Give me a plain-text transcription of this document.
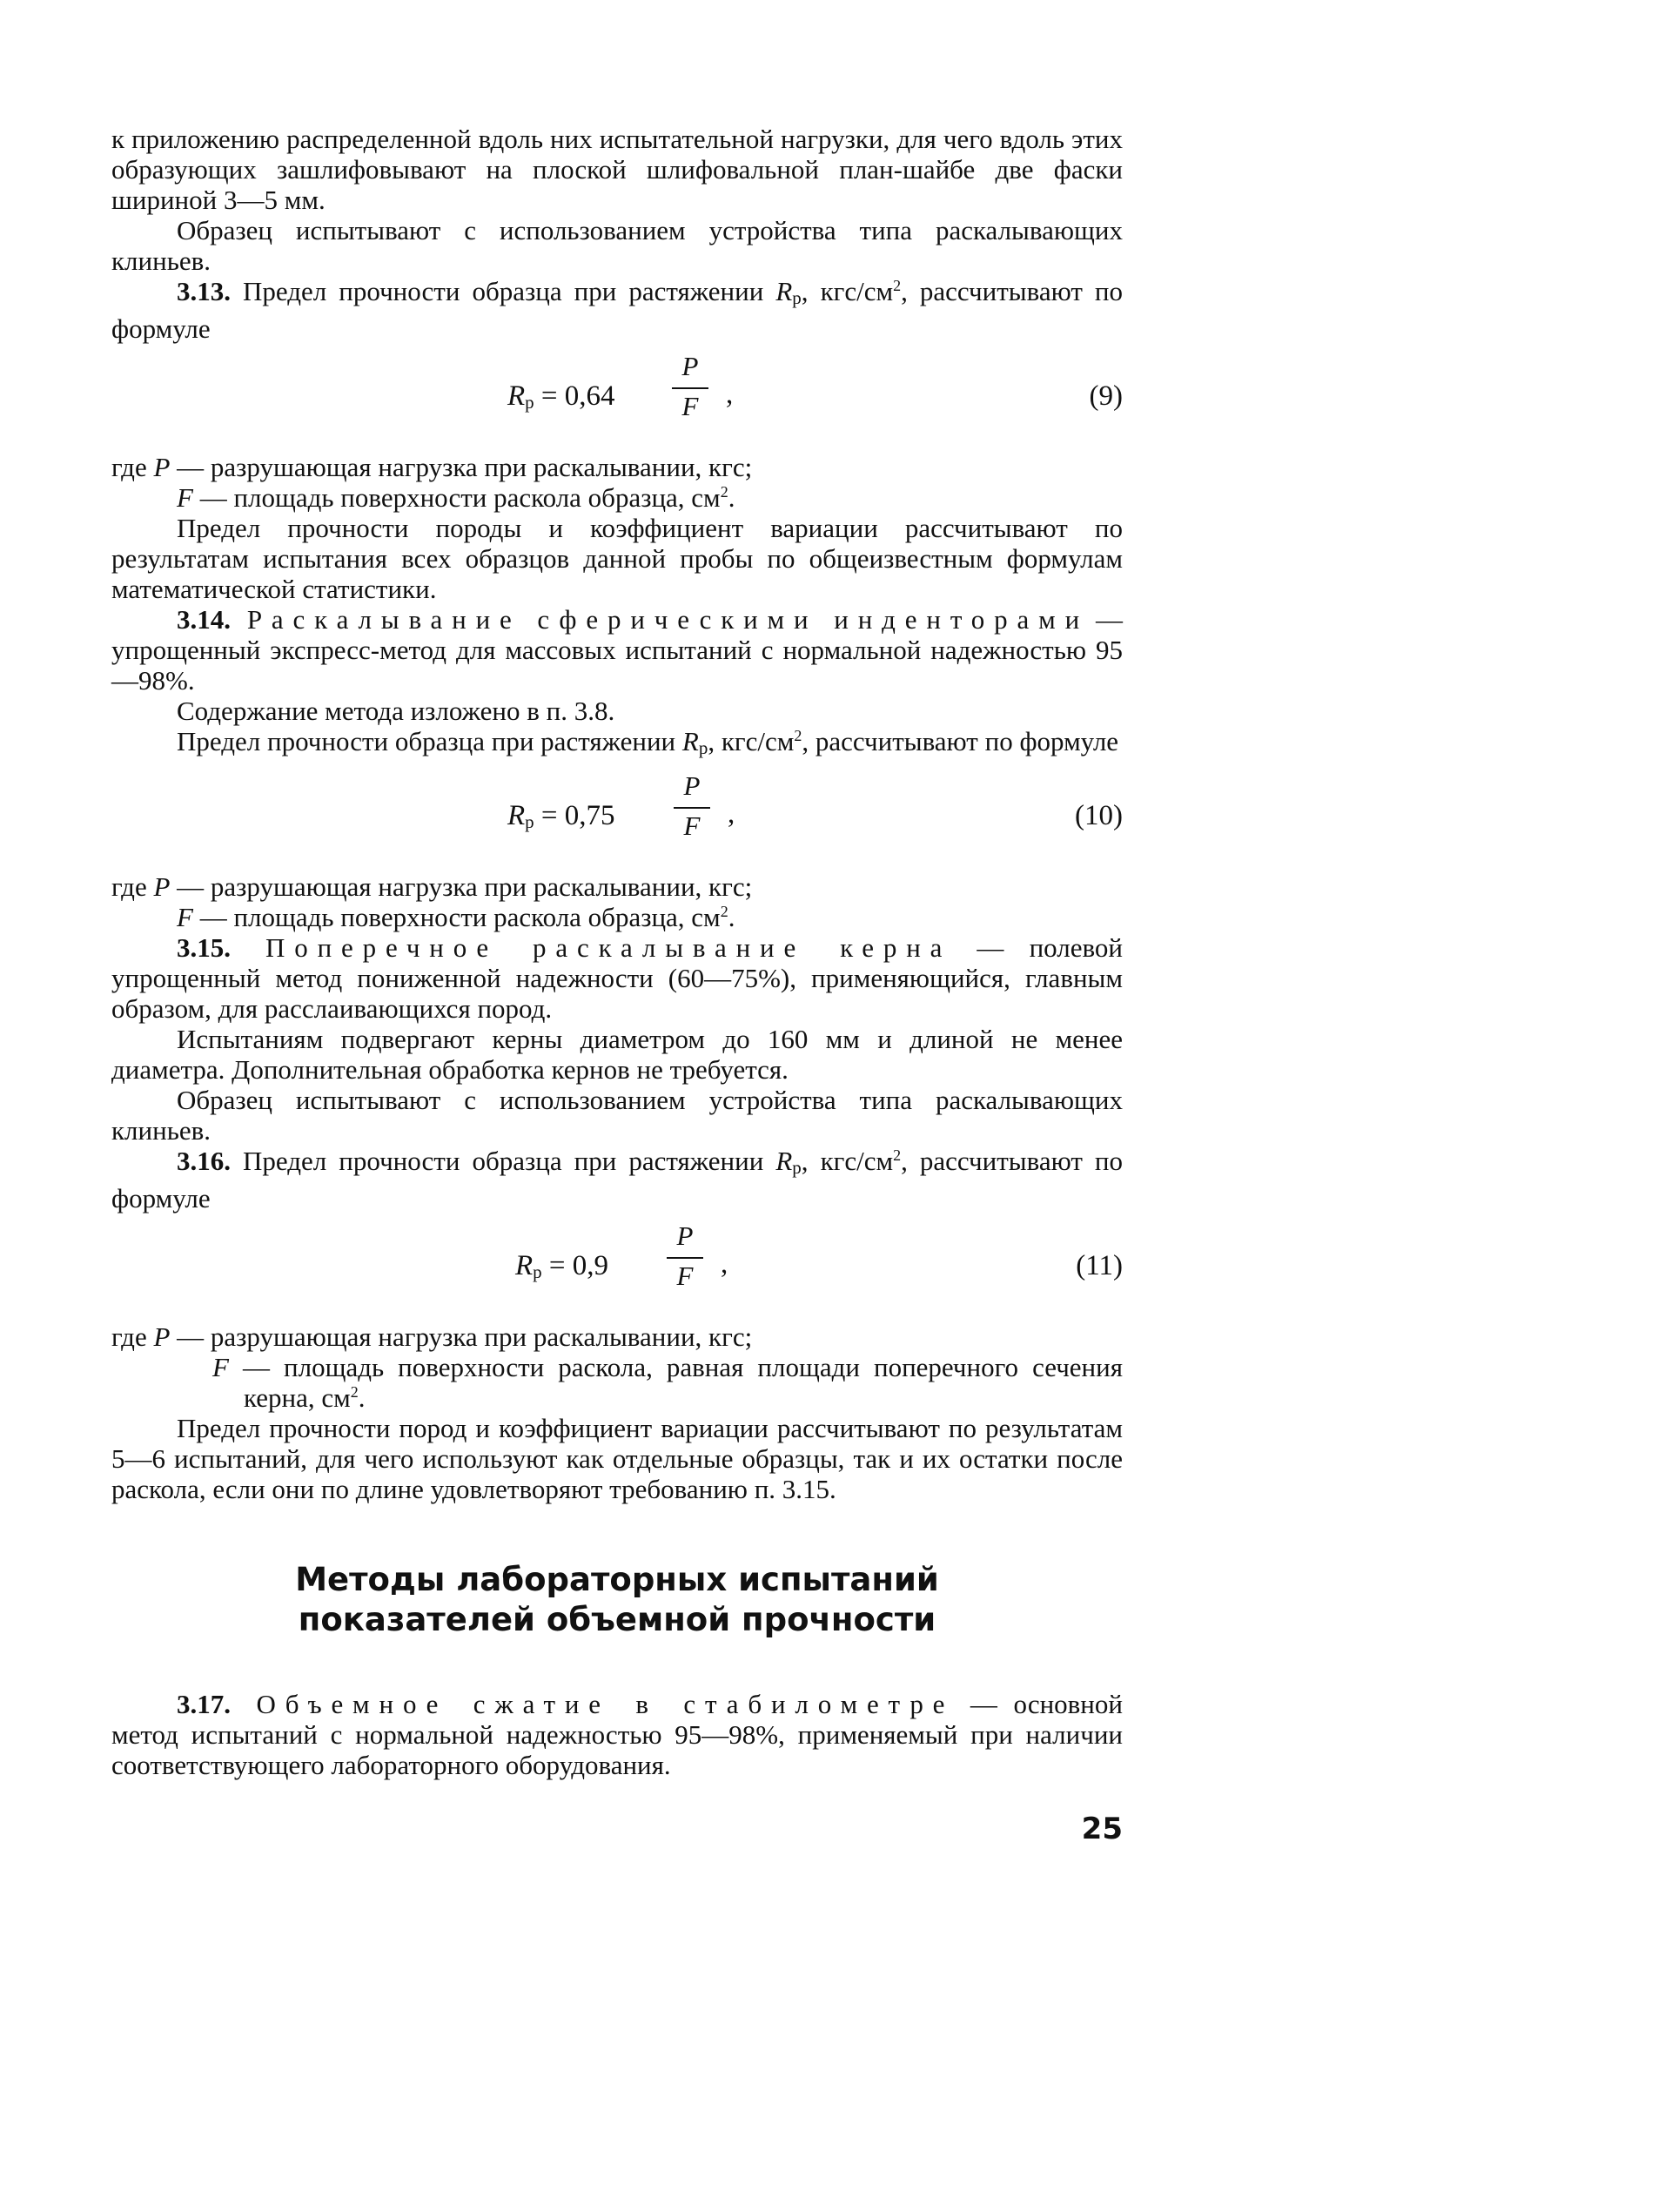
к приложению распределенной вдоль них испытательной нагрузки, для чего вдоль этих образующих зашлифовывают на плоской шлифовальной план-шайбе две фаски шириной 3—5 мм.

Образец испытывают с использованием устройства типа раскалывающих клиньев.

3.13. Предел прочности образца при растяжении $R_р$, кгс/$см^2$, рассчитывают по формуле

$R_р = 0,64$
P
F ,	(9)

где P — разрушающая нагрузка при раскалывании, кгс;

F — площадь поверхности раскола образца, $см^2$.

Предел прочности породы и коэффициент вариации рассчитывают по результатам испытания всех образцов данной пробы по общеизвестным формулам математической статистики.

3.14. Раскалывание сферическими инденторами — упрощенный экспресс-метод для массовых испытаний с нормальной надежностью 95—98%.

Содержание метода изложено в п. 3.8.

Предел прочности образца при растяжении $R_р$, кгс/$см^2$, рассчитывают по формуле

$R_р = 0,75$
P
F ,	(10)

где P — разрушающая нагрузка при раскалывании, кгс;

F — площадь поверхности раскола образца, $см^2$.

3.15. Поперечное раскалывание керна — полевой упрощенный метод пониженной надежности (60—75%), применяющийся, главным образом, для расслаивающихся пород.

Испытаниям подвергают керны диаметром до 160 мм и длиной не менее диаметра. Дополнительная обработка кернов не требуется.

Образец испытывают с использованием устройства типа раскалывающих клиньев.

3.16. Предел прочности образца при растяжении $R_р$, кгс/$см^2$, рассчитывают по формуле

$R_р = 0,9$
P
F ,	(11)

где P — разрушающая нагрузка при раскалывании, кгс;

F — площадь поверхности раскола, равная площади поперечного сечения керна, $см^2$.

Предел прочности пород и коэффициент вариации рассчитывают по результатам 5—6 испытаний, для чего используют как отдельные образцы, так и их остатки после раскола, если они по длине удовлетворяют требованию п. 3.15.

Методы лабораторных испытаний
показателей объемной прочности

3.17. Объемное сжатие в стабилометре — основной метод испытаний с нормальной надежностью 95—98%, применяемый при наличии соответствующего лабораторного оборудования.

25
